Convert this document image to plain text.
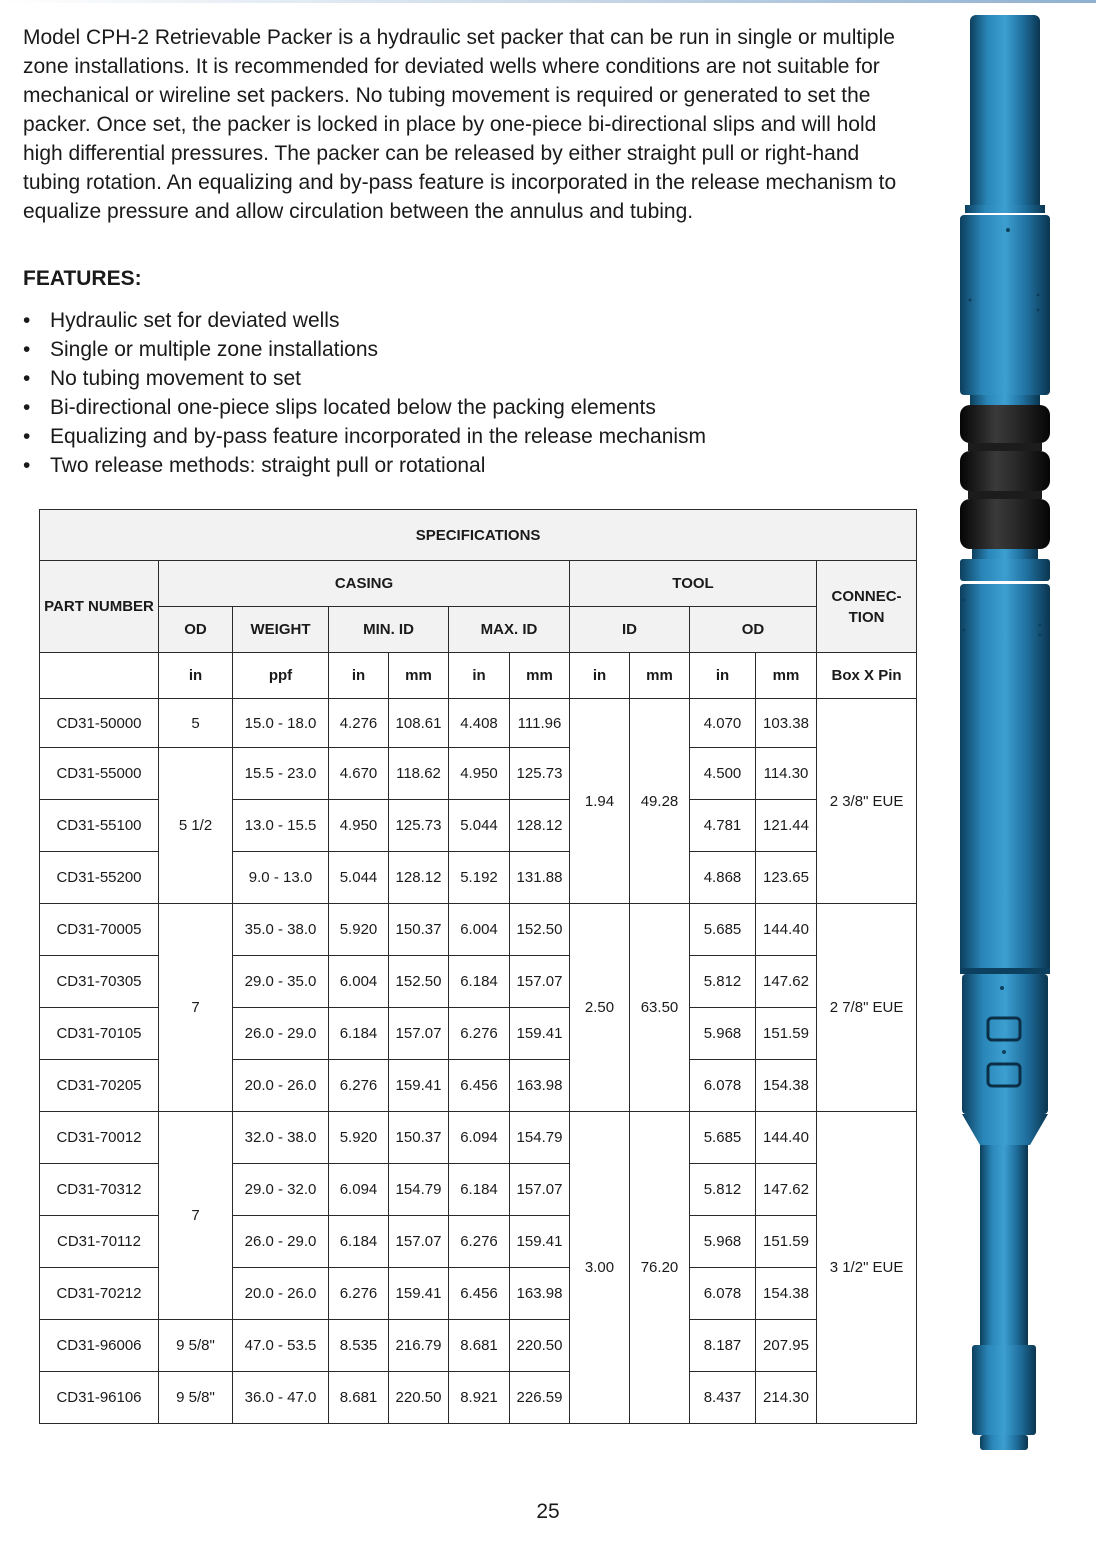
Model CPH-2 Retrievable Packer is a hydraulic set packer that can be run in single or multiple zone installations. It is recommended for deviated wells where conditions are not suitable for mechanical or wireline set packers. No tubing movement is required or generated to set the packer. Once set, the packer is locked in place by one-piece bi-directional slips and will hold high differential pressures. The packer can be released by either straight pull or right-hand tubing rotation. An equalizing and by-pass feature is incorporated in the release mechanism to equalize pressure and allow circulation between the annulus and tubing.

FEATURES:

• Hydraulic set for deviated wells
• Single or multiple zone installations
• No tubing movement to set
• Bi-directional one-piece slips located below the packing elements
• Equalizing and by-pass feature incorporated in the release mechanism
• Two release methods: straight pull or rotational
SPECIFICATIONS											
PART NUMBER	CASING						TOOL				CONNEC-TION
	OD	WEIGHT	MIN. ID		MAX. ID		ID		OD		
	in	ppf	in	mm	in	mm	in	mm	in	mm	Box X Pin
CD31-50000	5	15.0 - 18.0	4.276	108.61	4.408	111.96	1.94	49.28	4.070	103.38	2 3/8" EUE
CD31-55000	5 1/2	15.5 - 23.0	4.670	118.62	4.950	125.73			4.500	114.30	
CD31-55100		13.0 - 15.5	4.950	125.73	5.044	128.12			4.781	121.44	
CD31-55200		9.0 - 13.0	5.044	128.12	5.192	131.88			4.868	123.65	
CD31-70005	7	35.0 - 38.0	5.920	150.37	6.004	152.50	2.50	63.50	5.685	144.40	2 7/8" EUE
CD31-70305		29.0 - 35.0	6.004	152.50	6.184	157.07			5.812	147.62	
CD31-70105		26.0 - 29.0	6.184	157.07	6.276	159.41			5.968	151.59	
CD31-70205		20.0 - 26.0	6.276	159.41	6.456	163.98			6.078	154.38	
CD31-70012	7	32.0 - 38.0	5.920	150.37	6.094	154.79	3.00	76.20	5.685	144.40	3 1/2" EUE
CD31-70312		29.0 - 32.0	6.094	154.79	6.184	157.07			5.812	147.62	
CD31-70112		26.0 - 29.0	6.184	157.07	6.276	159.41			5.968	151.59	
CD31-70212		20.0 - 26.0	6.276	159.41	6.456	163.98			6.078	154.38	
CD31-96006	9 5/8"	47.0 - 53.5	8.535	216.79	8.681	220.50			8.187	207.95	
CD31-96106	9 5/8"	36.0 - 47.0	8.681	220.50	8.921	226.59			8.437	214.30	
25
